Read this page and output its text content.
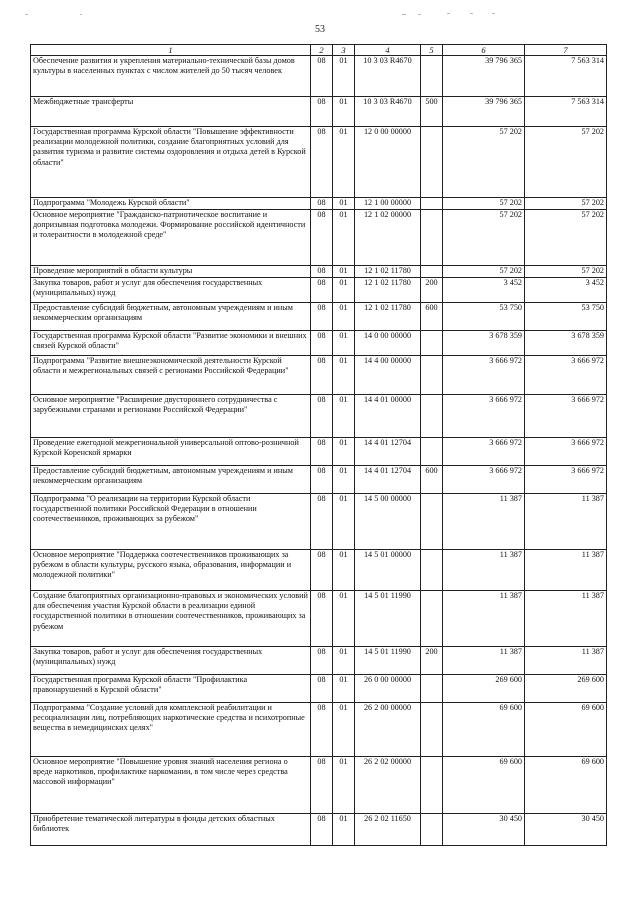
53
1	2	3	4	5	6	7
Обеспечение развития и укрепления материально-технической базы домов культуры в населенных пунктах с числом жителей до 50 тысяч человек	08	01	10 3 03 R4670		39 796 365	7 563 314
Межбюджетные трансферты	08	01	10 3 03 R4670	500	39 796 365	7 563 314
Государственная программа Курской области "Повышение эффективности реализации молодежной политики, создание благоприятных условий для развития туризма и развитие системы оздоровления и отдыха детей в Курской области"	08	01	12 0 00 00000		57 202	57 202
Подпрограмма "Молодежь Курской области"	08	01	12 1 00 00000		57 202	57 202
Основное мероприятие "Гражданско-патриотическое воспитание и допризывная подготовка молодежи. Формирование российской идентичности и толерантности в молодежной среде"	08	01	12 1 02 00000		57 202	57 202
Проведение мероприятий в области культуры	08	01	12 1 02 11780		57 202	57 202
Закупка товаров, работ и услуг для обеспечения государственных (муниципальных) нужд	08	01	12 1 02 11780	200	3 452	3 452
Предоставление субсидий бюджетным, автономным учреждениям и иным некоммерческим организациям	08	01	12 1 02 11780	600	53 750	53 750
Государственная программа Курской области "Развитие экономики и внешних связей Курской области"	08	01	14 0 00 00000		3 678 359	3 678 359
Подпрограмма "Развитие внешнеэкономической деятельности Курской области и межрегиональных связей с регионами Российской Федерации"	08	01	14 4 00 00000		3 666 972	3 666 972
Основное мероприятие "Расширение двустороннего сотрудничества с зарубежными странами и регионами Российской Федерации"	08	01	14 4 01 00000		3 666 972	3 666 972
Проведение ежегодной межрегиональной универсальной оптово-розничной Курской Коренской ярмарки	08	01	14 4 01 12704		3 666 972	3 666 972
Предоставление субсидий бюджетным, автономным учреждениям и иным некоммерческим организациям	08	01	14 4 01 12704	600	3 666 972	3 666 972
Подпрограмма "О реализации на территории Курской области государственной политики Российской Федерации в отношении соотечественников, проживающих за рубежом"	08	01	14 5 00 00000		11 387	11 387
Основное мероприятие "Поддержка соотечественников проживающих за рубежом в области культуры, русского языка, образования, информации и молодежной политики"	08	01	14 5 01 00000		11 387	11 387
Создание благоприятных организационно-правовых и экономических условий для обеспечения участия Курской области в реализации единой государственной политики в отношении соотечественников, проживающих за рубежом	08	01	14 5 01 11990		11 387	11 387
Закупка товаров, работ и услуг для обеспечения государственных (муниципальных) нужд	08	01	14 5 01 11990	200	11 387	11 387
Государственная программа Курской области "Профилактика правонарушений в Курской области"	08	01	26 0 00 00000		269 600	269 600
Подпрограмма "Создание условий для комплексной реабилитации и ресоциализации лиц, потребляющих наркотические средства и психотропные вещества в немедицинских целях"	08	01	26 2 00 00000		69 600	69 600
Основное мероприятие "Повышение уровня знаний населения региона о вреде наркотиков, профилактике наркомании, в том числе через средства массовой информации"	08	01	26 2 02 00000		69 600	69 600
Приобретение тематической литературы в фонды детских областных библиотек	08	01	26 2 02 11650		30 450	30 450
